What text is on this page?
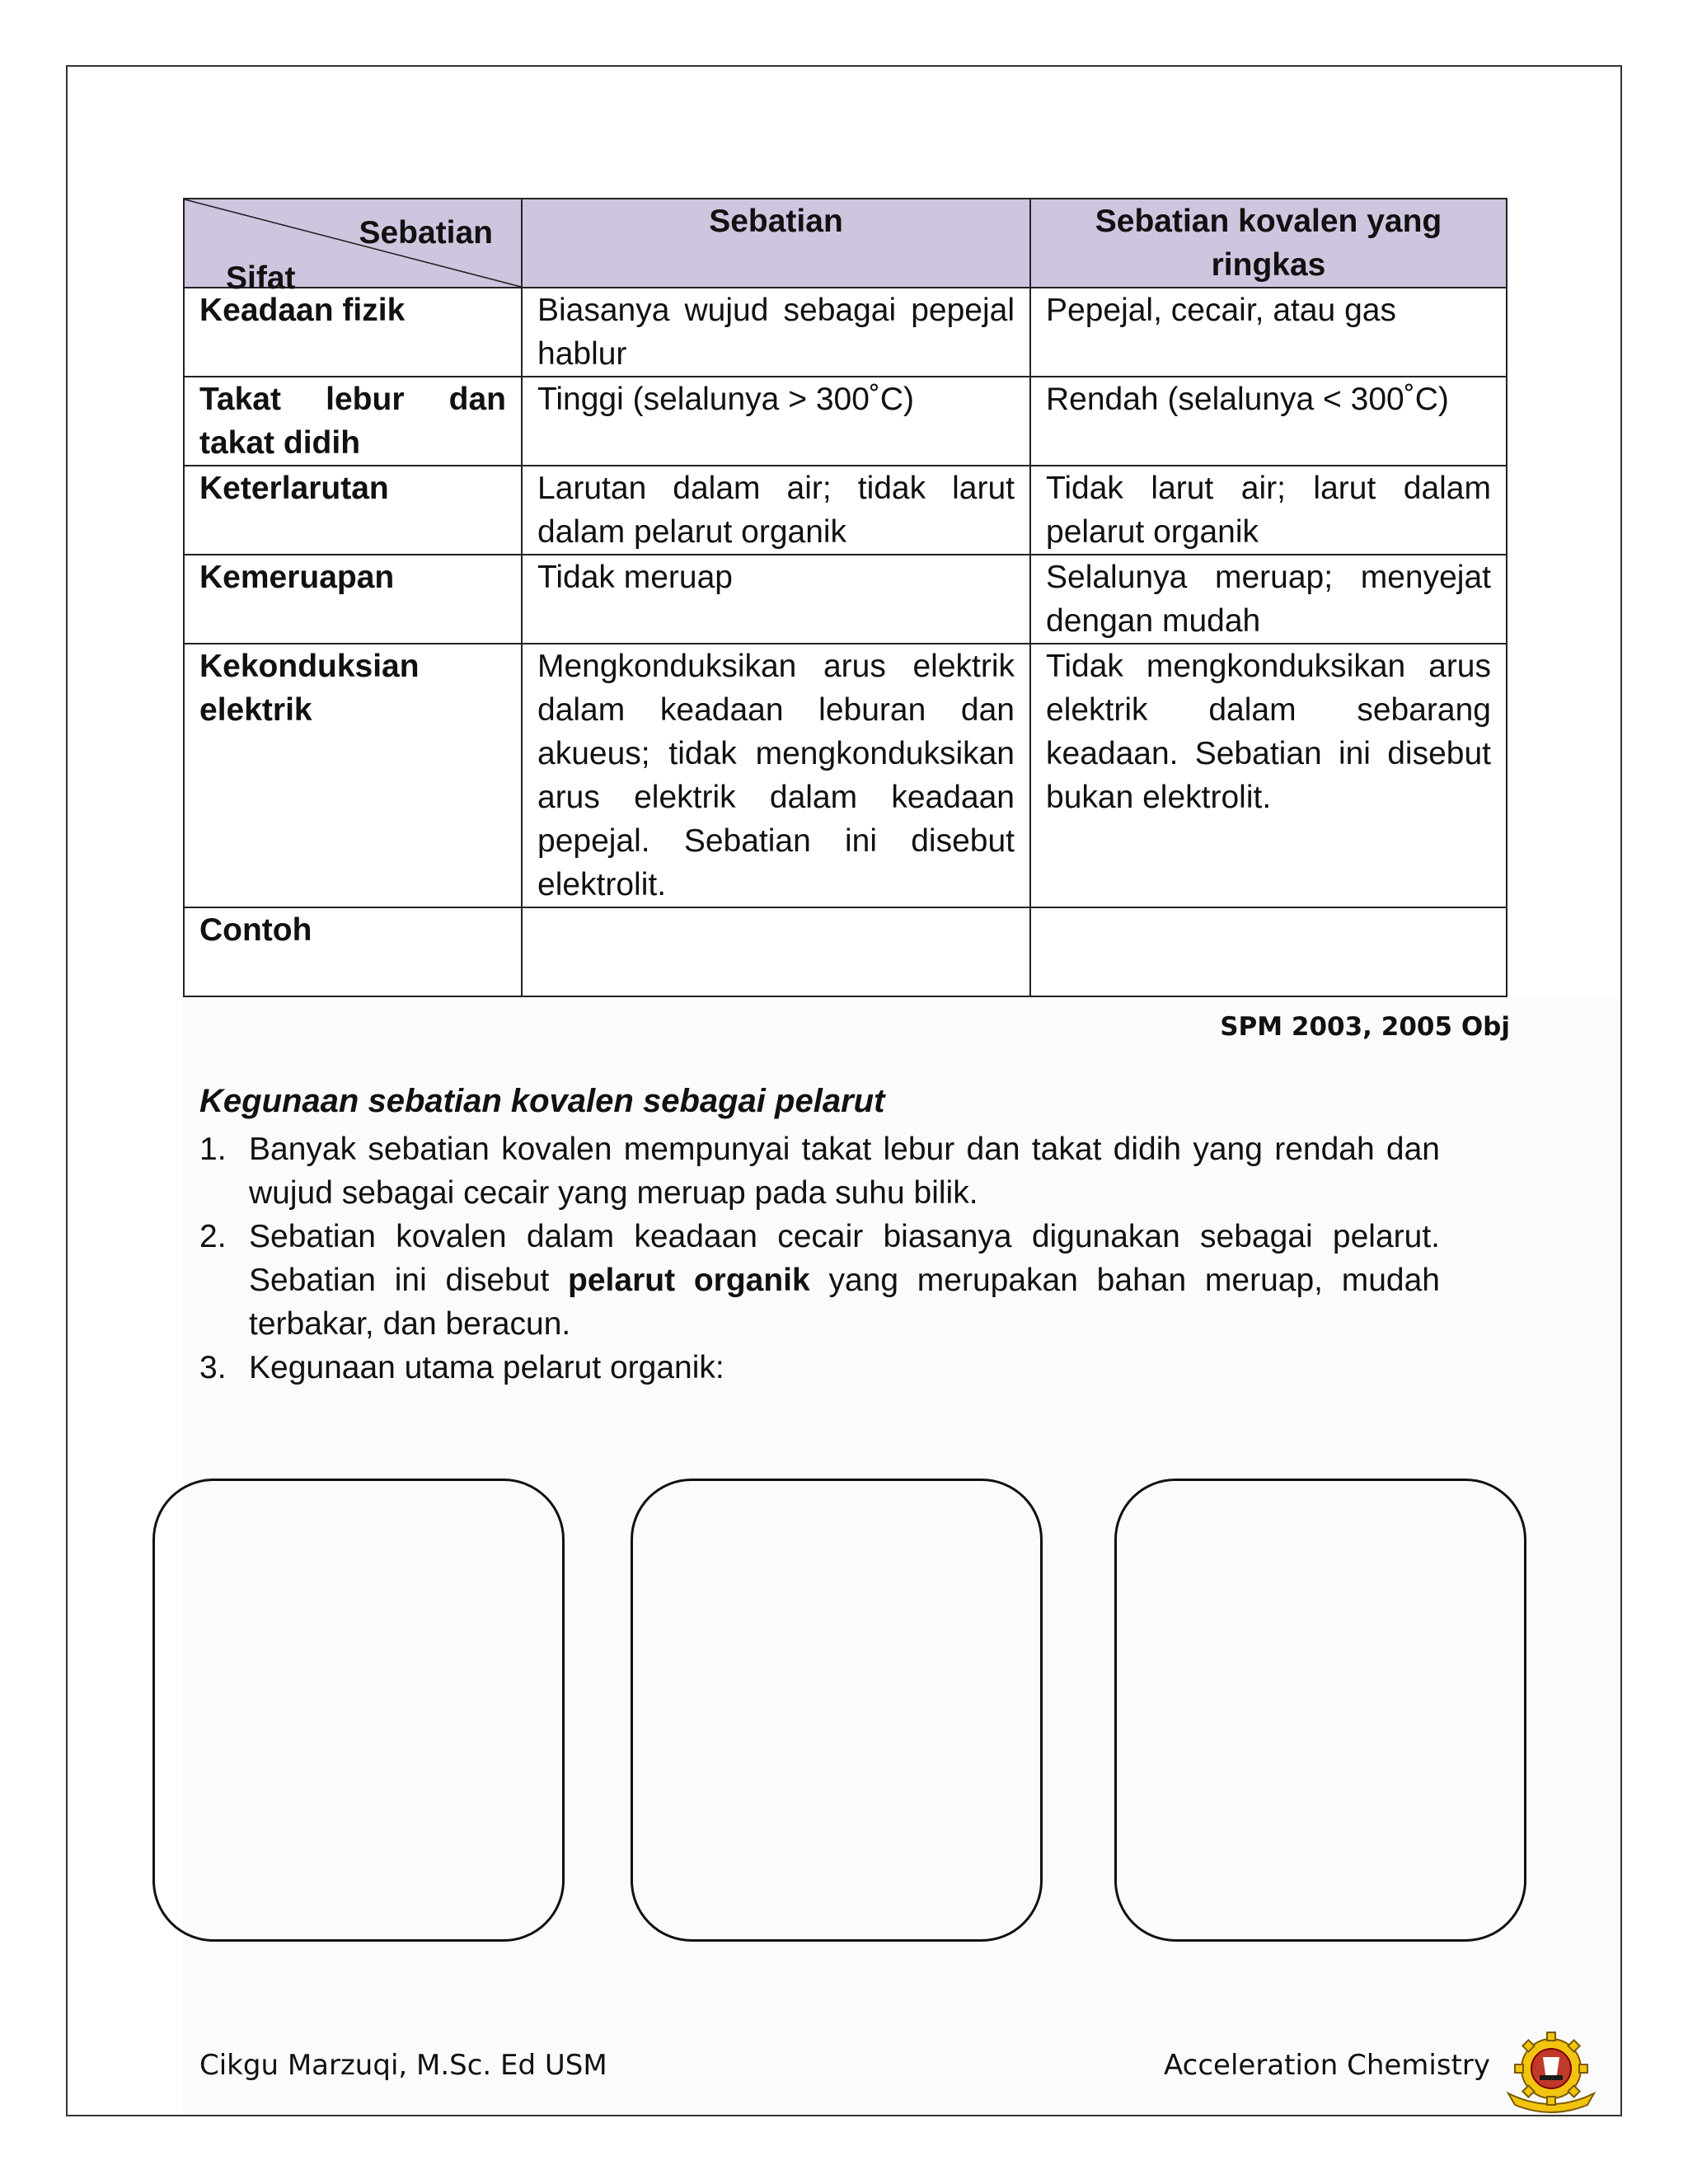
Sebatian
Sifat	Sebatian	Sebatian kovalen yang ringkas
Keadaan fizik	Biasanya wujud sebagai pepejal hablur	Pepejal, cecair, atau gas
Takat lebur dan takat didih	Tinggi (selalunya > 300˚C)	Rendah (selalunya < 300˚C)
Keterlarutan	Larutan dalam air; tidak larut dalam pelarut organik	Tidak larut air; larut dalam pelarut organik
Kemeruapan	Tidak meruap	Selalunya meruap; menyejat dengan mudah
Kekonduksian elektrik	Mengkonduksikan arus elektrik dalam keadaan leburan dan akueus; tidak mengkonduksikan arus elektrik dalam keadaan pepejal. Sebatian ini disebut elektrolit.	Tidak mengkonduksikan arus elektrik dalam sebarang keadaan. Sebatian ini disebut bukan elektrolit.
Contoh		
SPM 2003, 2005 Obj
Kegunaan sebatian kovalen sebagai pelarut
1. Banyak sebatian kovalen mempunyai takat lebur dan takat didih yang rendah dan wujud sebagai cecair yang meruap pada suhu bilik.
2. Sebatian kovalen dalam keadaan cecair biasanya digunakan sebagai pelarut. Sebatian ini disebut pelarut organik yang merupakan bahan meruap, mudah terbakar, dan beracun.
3. Kegunaan utama pelarut organik:
Cikgu Marzuqi, M.Sc. Ed USM	Acceleration Chemistry
